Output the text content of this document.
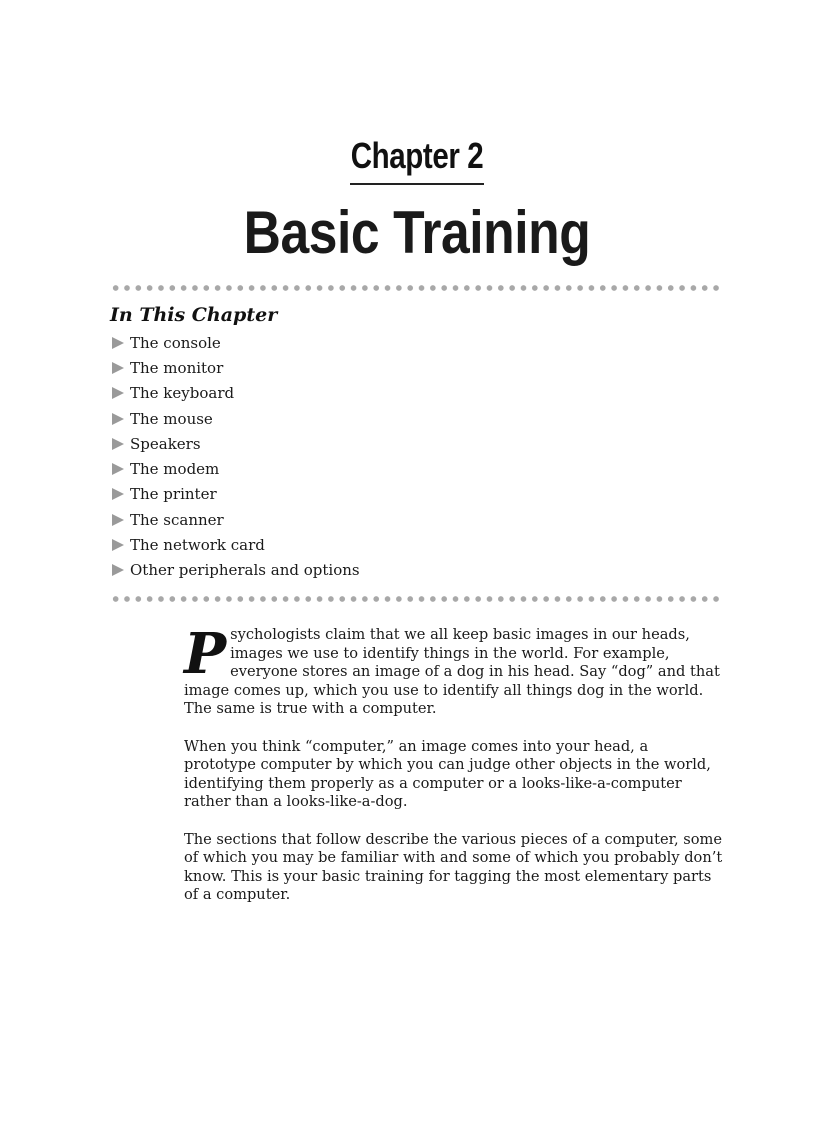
Chapter 2
Basic Training
In This Chapter
The console
The monitor
The keyboard
The mouse
Speakers
The modem
The printer
The scanner
The network card
Other peripherals and options

Psychologists claim that we all keep basic images in our heads, images we use to identify things in the world. For example, everyone stores an image of a dog in his head. Say “dog” and that image comes up, which you use to identify all things dog in the world. The same is true with a computer.

When you think “computer,” an image comes into your head, a prototype computer by which you can judge other objects in the world, identifying them properly as a computer or a looks-like-a-computer rather than a looks-like-a-dog.

The sections that follow describe the various pieces of a computer, some of which you may be familiar with and some of which you probably don’t know. This is your basic training for tagging the most elementary parts of a computer.
